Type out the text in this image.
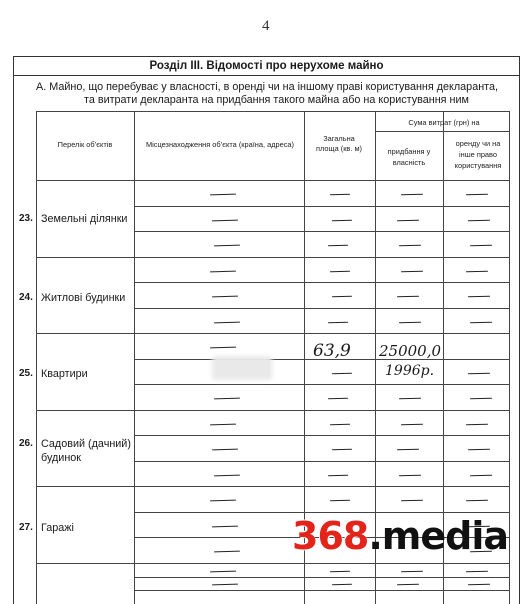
4
Розділ ІІІ. Відомості про нерухоме майно
А. Майно, що перебуває у власності, в оренді чи на іншому праві користування декларанта,
та витрати декларанта на придбання такого майна або на користування ним
Перелік об’єктів	Місцезнаходження об’єкта (країна, адреса)
Загальна площа (кв. м)
Сума витрат (грн) на
придбання у власність
оренду чи на інше право користування
23. Земельні ділянки
24. Житлові будинки
25. Квартири
26. Садовий (дачний) будинок
27. Гаражі
63,9 25000,0
1996р.
368.media
